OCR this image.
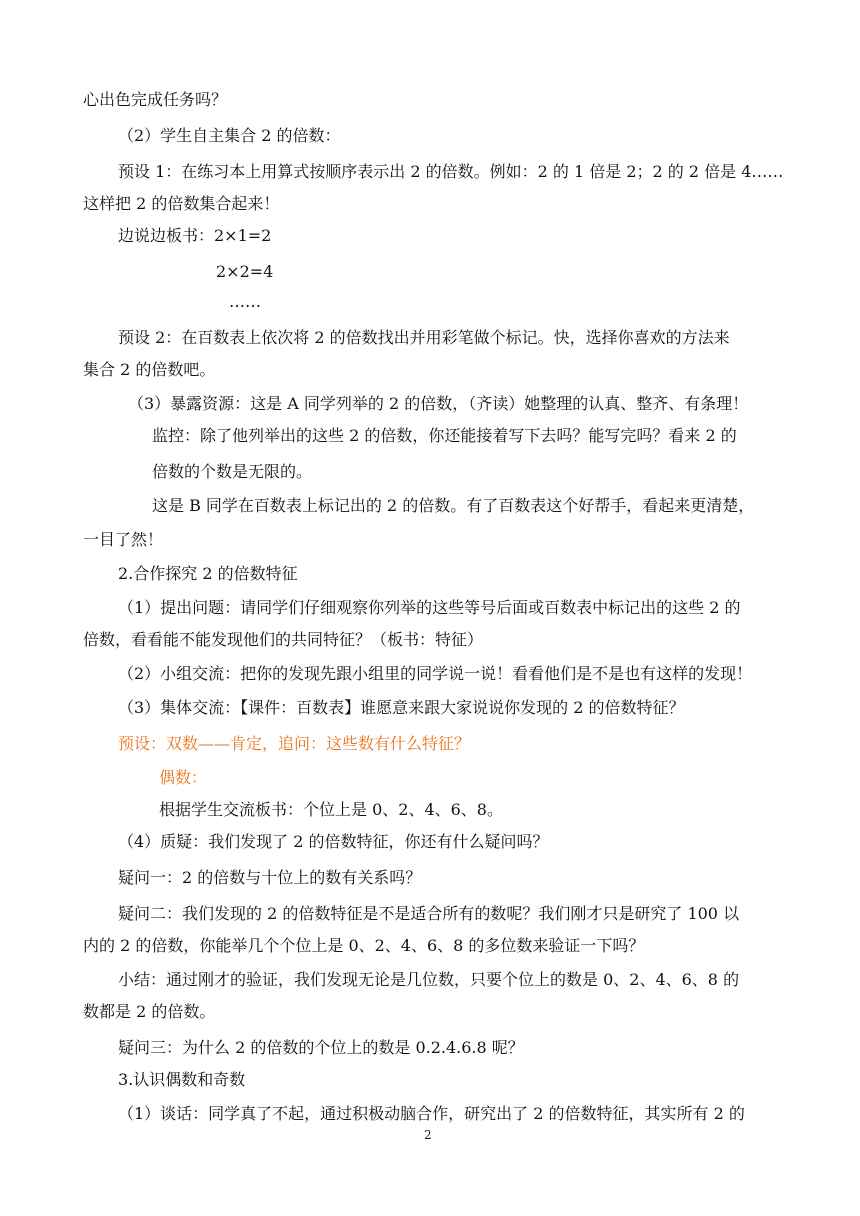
心出色完成任务吗？
（2）学生自主集合 2 的倍数：
预设 1：在练习本上用算式按顺序表示出 2 的倍数。例如：2 的 1 倍是 2；2 的 2 倍是 4……
这样把 2 的倍数集合起来！
边说边板书：2×1=2
2×2=4
……
预设 2：在百数表上依次将 2 的倍数找出并用彩笔做个标记。快，选择你喜欢的方法来
集合 2 的倍数吧。
（3）暴露资源：这是 A 同学列举的 2 的倍数，（齐读）她整理的认真、整齐、有条理！
监控：除了他列举出的这些 2 的倍数，你还能接着写下去吗？能写完吗？看来 2 的
倍数的个数是无限的。
这是 B 同学在百数表上标记出的 2 的倍数。有了百数表这个好帮手，看起来更清楚，
一目了然！
2.合作探究 2 的倍数特征
（1）提出问题：请同学们仔细观察你列举的这些等号后面或百数表中标记出的这些 2 的
倍数，看看能不能发现他们的共同特征？（板书：特征）
（2）小组交流：把你的发现先跟小组里的同学说一说！看看他们是不是也有这样的发现！
（3）集体交流：【课件：百数表】谁愿意来跟大家说说你发现的 2 的倍数特征？
预设：双数——肯定，追问：这些数有什么特征？
偶数：
根据学生交流板书：个位上是 0、2、4、6、8。
（4）质疑：我们发现了 2 的倍数特征，你还有什么疑问吗？
疑问一：2 的倍数与十位上的数有关系吗？
疑问二：我们发现的 2 的倍数特征是不是适合所有的数呢？我们刚才只是研究了 100 以
内的 2 的倍数，你能举几个个位上是 0、2、4、6、8 的多位数来验证一下吗？
小结：通过刚才的验证，我们发现无论是几位数，只要个位上的数是 0、2、4、6、8 的
数都是 2 的倍数。
疑问三：为什么 2 的倍数的个位上的数是 0.2.4.6.8 呢？
3.认识偶数和奇数
（1）谈话：同学真了不起，通过积极动脑合作，研究出了 2 的倍数特征，其实所有 2 的
2
